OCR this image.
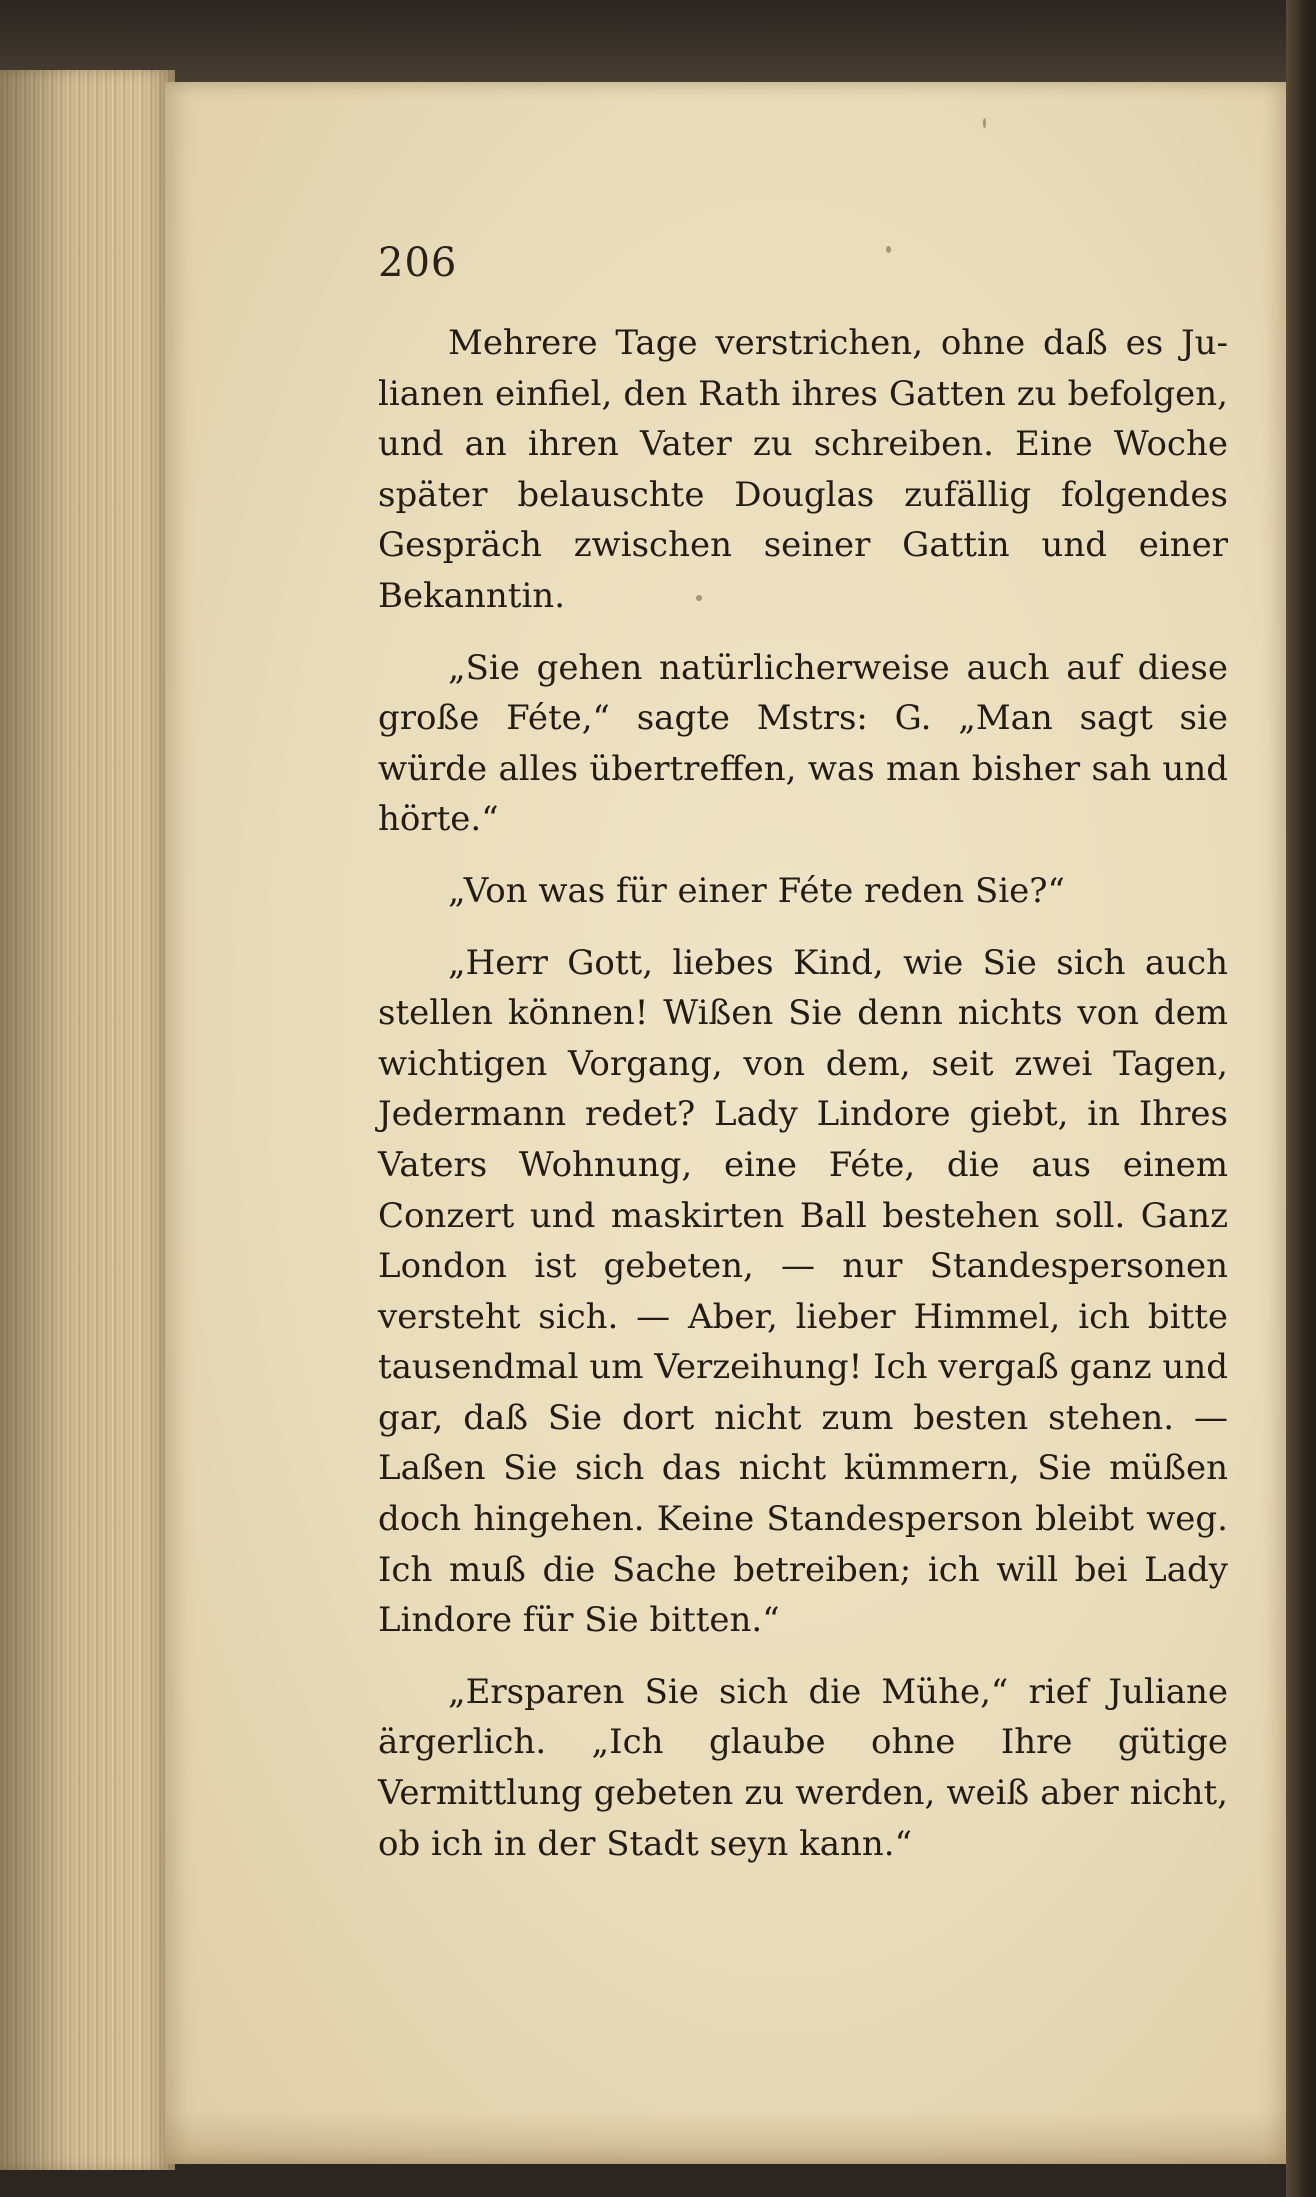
206

Mehrere Tage verstrichen, ohne daß es Julianen einfiel, den Rath ihres Gatten zu befolgen, und an ihren Vater zu schreiben. Eine Woche später belauschte Douglas zufällig folgendes Gespräch zwischen seiner Gattin und einer Bekanntin.

„Sie gehen natürlicherweise auch auf diese große Féte,“ sagte Mstrs: G. „Man sagt sie würde alles übertreffen, was man bisher sah und hörte.“

„Von was für einer Féte reden Sie?“

„Herr Gott, liebes Kind, wie Sie sich auch stellen können! Wißen Sie denn nichts von dem wichtigen Vorgang, von dem, seit zwei Tagen, Jedermann redet? Lady Lindore giebt, in Ihres Vaters Wohnung, eine Féte, die aus einem Conzert und maskirten Ball bestehen soll. Ganz London ist gebeten, — nur Standespersonen versteht sich. — Aber, lieber Himmel, ich bitte tausendmal um Verzeihung! Ich vergaß ganz und gar, daß Sie dort nicht zum besten stehen. — Laßen Sie sich das nicht kümmern, Sie müßen doch hingehen. Keine Standesperson bleibt weg. Ich muß die Sache betreiben; ich will bei Lady Lindore für Sie bitten.“

„Ersparen Sie sich die Mühe,“ rief Juliane ärgerlich. „Ich glaube ohne Ihre gütige Vermittlung gebeten zu werden, weiß aber nicht, ob ich in der Stadt seyn kann.“
